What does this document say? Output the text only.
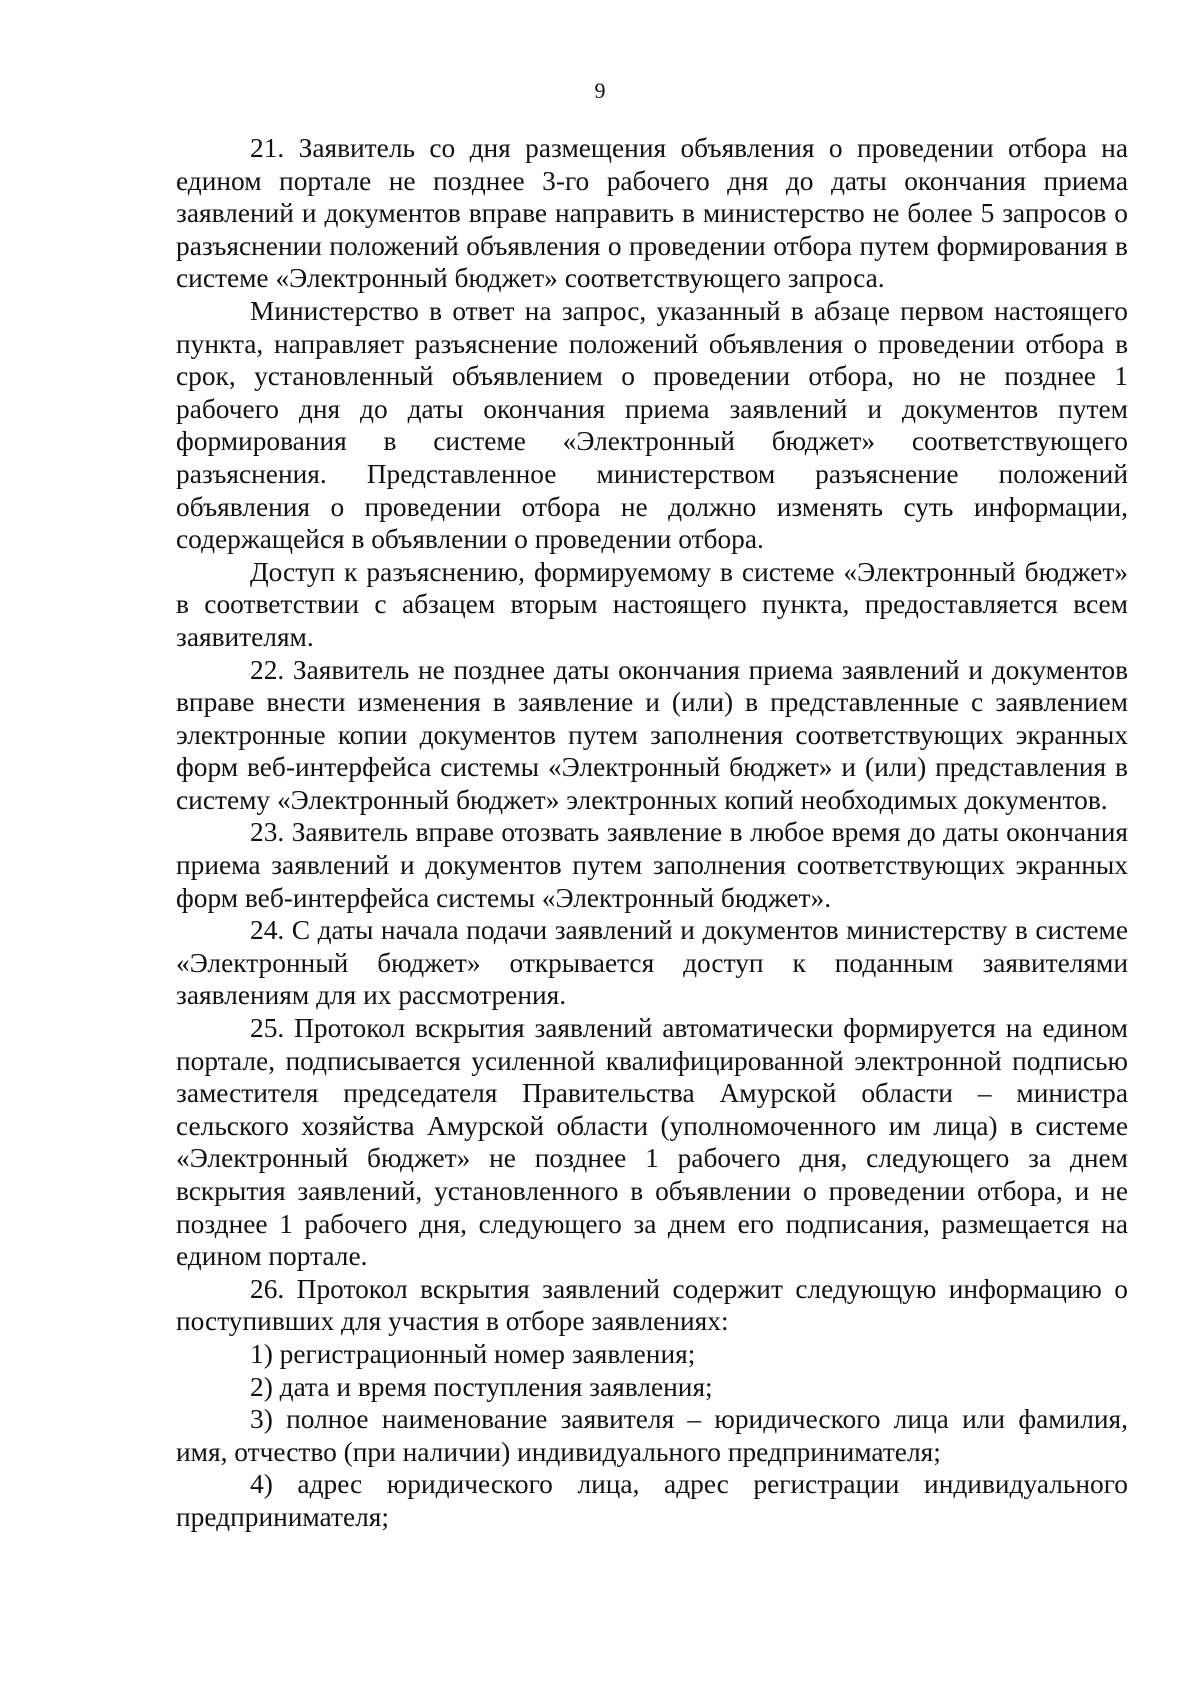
9

21. Заявитель со дня размещения объявления о проведении отбора на едином портале не позднее 3-го рабочего дня до даты окончания приема заявлений и документов вправе направить в министерство не более 5 запросов о разъяснении положений объявления о проведении отбора путем формирования в системе «Электронный бюджет» соответствующего запроса.

Министерство в ответ на запрос, указанный в абзаце первом настоящего пункта, направляет разъяснение положений объявления о проведении отбора в срок, установленный объявлением о проведении отбора, но не позднее 1 рабочего дня до даты окончания приема заявлений и документов путем формирования в системе «Электронный бюджет» соответствующего разъяснения. Представленное министерством разъяснение положений объявления о проведении отбора не должно изменять суть информации, содержащейся в объявлении о проведении отбора.

Доступ к разъяснению, формируемому в системе «Электронный бюджет» в соответствии с абзацем вторым настоящего пункта, предоставляется всем заявителям.

22. Заявитель не позднее даты окончания приема заявлений и документов вправе внести изменения в заявление и (или) в представленные с заявлением электронные копии документов путем заполнения соответствующих экранных форм веб-интерфейса системы «Электронный бюджет» и (или) представления в систему «Электронный бюджет» электронных копий необходимых документов.

23. Заявитель вправе отозвать заявление в любое время до даты окончания приема заявлений и документов путем заполнения соответствующих экранных форм веб-интерфейса системы «Электронный бюджет».

24. С даты начала подачи заявлений и документов министерству в системе «Электронный бюджет» открывается доступ к поданным заявителями заявлениям для их рассмотрения.

25. Протокол вскрытия заявлений автоматически формируется на едином портале, подписывается усиленной квалифицированной электронной подписью заместителя председателя Правительства Амурской области – министра сельского хозяйства Амурской области (уполномоченного им лица) в системе «Электронный бюджет» не позднее 1 рабочего дня, следующего за днем вскрытия заявлений, установленного в объявлении о проведении отбора, и не позднее 1 рабочего дня, следующего за днем его подписания, размещается на едином портале.

26. Протокол вскрытия заявлений содержит следующую информацию о поступивших для участия в отборе заявлениях:

1) регистрационный номер заявления;

2) дата и время поступления заявления;

3) полное наименование заявителя – юридического лица или фамилия, имя, отчество (при наличии) индивидуального предпринимателя;

4) адрес юридического лица, адрес регистрации индивидуального предпринимателя;
